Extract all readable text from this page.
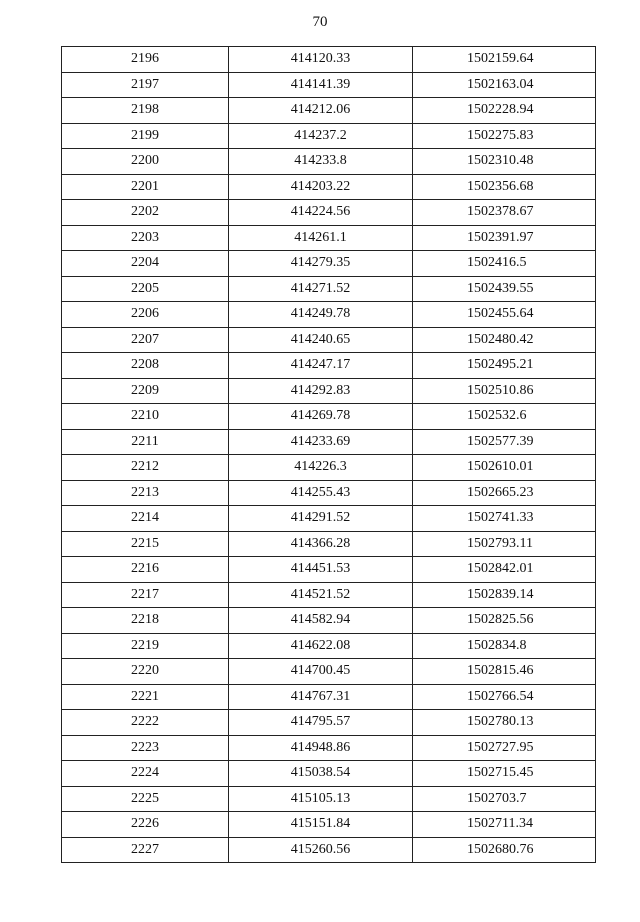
70
2196	414120.33	1502159.64
2197	414141.39	1502163.04
2198	414212.06	1502228.94
2199	414237.2	1502275.83
2200	414233.8	1502310.48
2201	414203.22	1502356.68
2202	414224.56	1502378.67
2203	414261.1	1502391.97
2204	414279.35	1502416.5
2205	414271.52	1502439.55
2206	414249.78	1502455.64
2207	414240.65	1502480.42
2208	414247.17	1502495.21
2209	414292.83	1502510.86
2210	414269.78	1502532.6
2211	414233.69	1502577.39
2212	414226.3	1502610.01
2213	414255.43	1502665.23
2214	414291.52	1502741.33
2215	414366.28	1502793.11
2216	414451.53	1502842.01
2217	414521.52	1502839.14
2218	414582.94	1502825.56
2219	414622.08	1502834.8
2220	414700.45	1502815.46
2221	414767.31	1502766.54
2222	414795.57	1502780.13
2223	414948.86	1502727.95
2224	415038.54	1502715.45
2225	415105.13	1502703.7
2226	415151.84	1502711.34
2227	415260.56	1502680.76
